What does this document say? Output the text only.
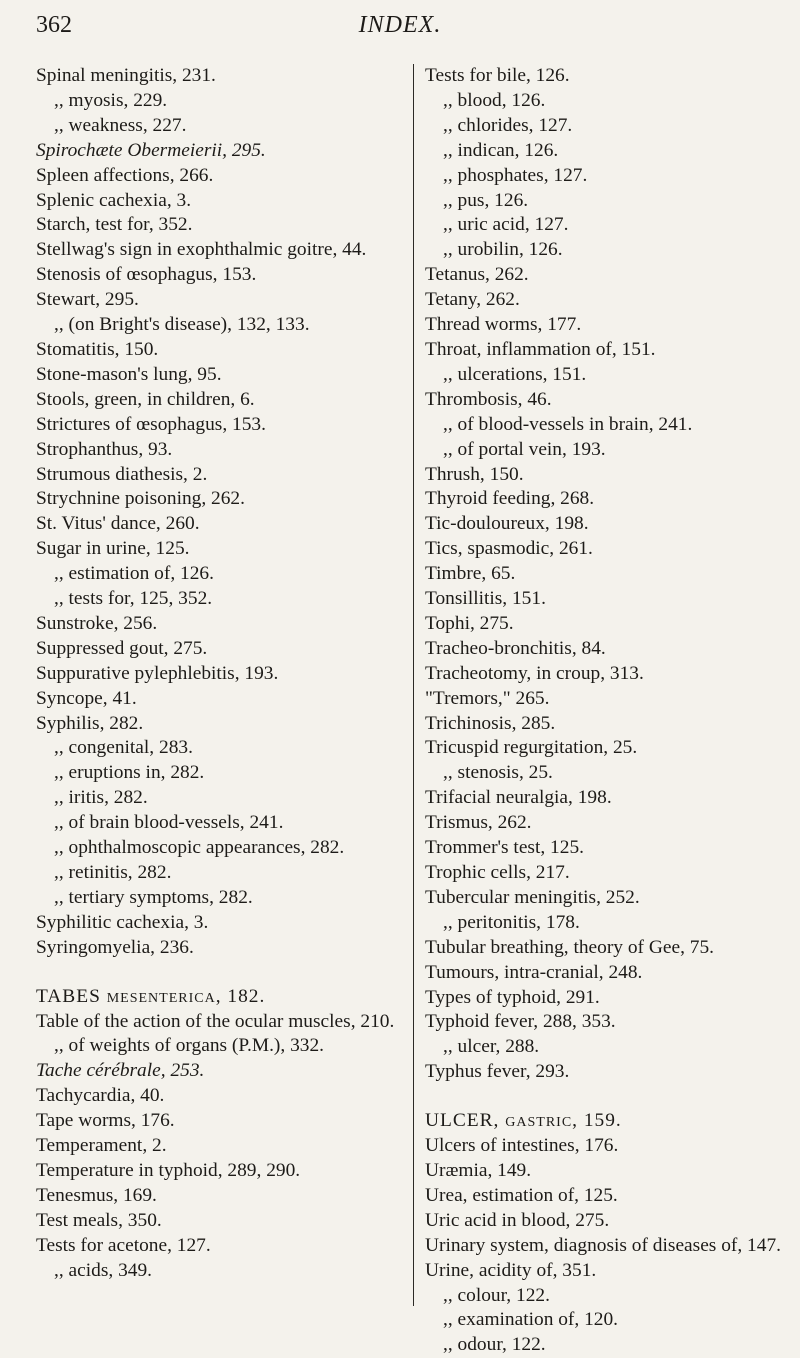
362	INDEX.
Spinal meningitis, 231.
,, myosis, 229.
,, weakness, 227.
Spirochæte Obermeierii, 295.
Spleen affections, 266.
Splenic cachexia, 3.
Starch, test for, 352.
Stellwag's sign in exophthalmic goitre, 44.
Stenosis of œsophagus, 153.
Stewart, 295.
,, (on Bright's disease), 132, 133.
Stomatitis, 150.
Stone-mason's lung, 95.
Stools, green, in children, 6.
Strictures of œsophagus, 153.
Strophanthus, 93.
Strumous diathesis, 2.
Strychnine poisoning, 262.
St. Vitus' dance, 260.
Sugar in urine, 125.
,, estimation of, 126.
,, tests for, 125, 352.
Sunstroke, 256.
Suppressed gout, 275.
Suppurative pylephlebitis, 193.
Syncope, 41.
Syphilis, 282.
,, congenital, 283.
,, eruptions in, 282.
,, iritis, 282.
,, of brain blood-vessels, 241.
,, ophthalmoscopic appearances, 282.
,, retinitis, 282.
,, tertiary symptoms, 282.
Syphilitic cachexia, 3.
Syringomyelia, 236.
TABES mesenterica, 182.
Table of the action of the ocular muscles, 210.
,, of weights of organs (P.M.), 332.
Tache cérébrale, 253.
Tachycardia, 40.
Tape worms, 176.
Temperament, 2.
Temperature in typhoid, 289, 290.
Tenesmus, 169.
Test meals, 350.
Tests for acetone, 127.
,, acids, 349.
Tests for bile, 126.
,, blood, 126.
,, chlorides, 127.
,, indican, 126.
,, phosphates, 127.
,, pus, 126.
,, uric acid, 127.
,, urobilin, 126.
Tetanus, 262.
Tetany, 262.
Thread worms, 177.
Throat, inflammation of, 151.
,, ulcerations, 151.
Thrombosis, 46.
,, of blood-vessels in brain, 241.
,, of portal vein, 193.
Thrush, 150.
Thyroid feeding, 268.
Tic-douloureux, 198.
Tics, spasmodic, 261.
Timbre, 65.
Tonsillitis, 151.
Tophi, 275.
Tracheo-bronchitis, 84.
Tracheotomy, in croup, 313.
"Tremors," 265.
Trichinosis, 285.
Tricuspid regurgitation, 25.
,, stenosis, 25.
Trifacial neuralgia, 198.
Trismus, 262.
Trommer's test, 125.
Trophic cells, 217.
Tubercular meningitis, 252.
,, peritonitis, 178.
Tubular breathing, theory of Gee, 75.
Tumours, intra-cranial, 248.
Types of typhoid, 291.
Typhoid fever, 288, 353.
,, ulcer, 288.
Typhus fever, 293.
ULCER, gastric, 159.
Ulcers of intestines, 176.
Uræmia, 149.
Urea, estimation of, 125.
Uric acid in blood, 275.
Urinary system, diagnosis of diseases of, 147.
Urine, acidity of, 351.
,, colour, 122.
,, examination of, 120.
,, odour, 122.
